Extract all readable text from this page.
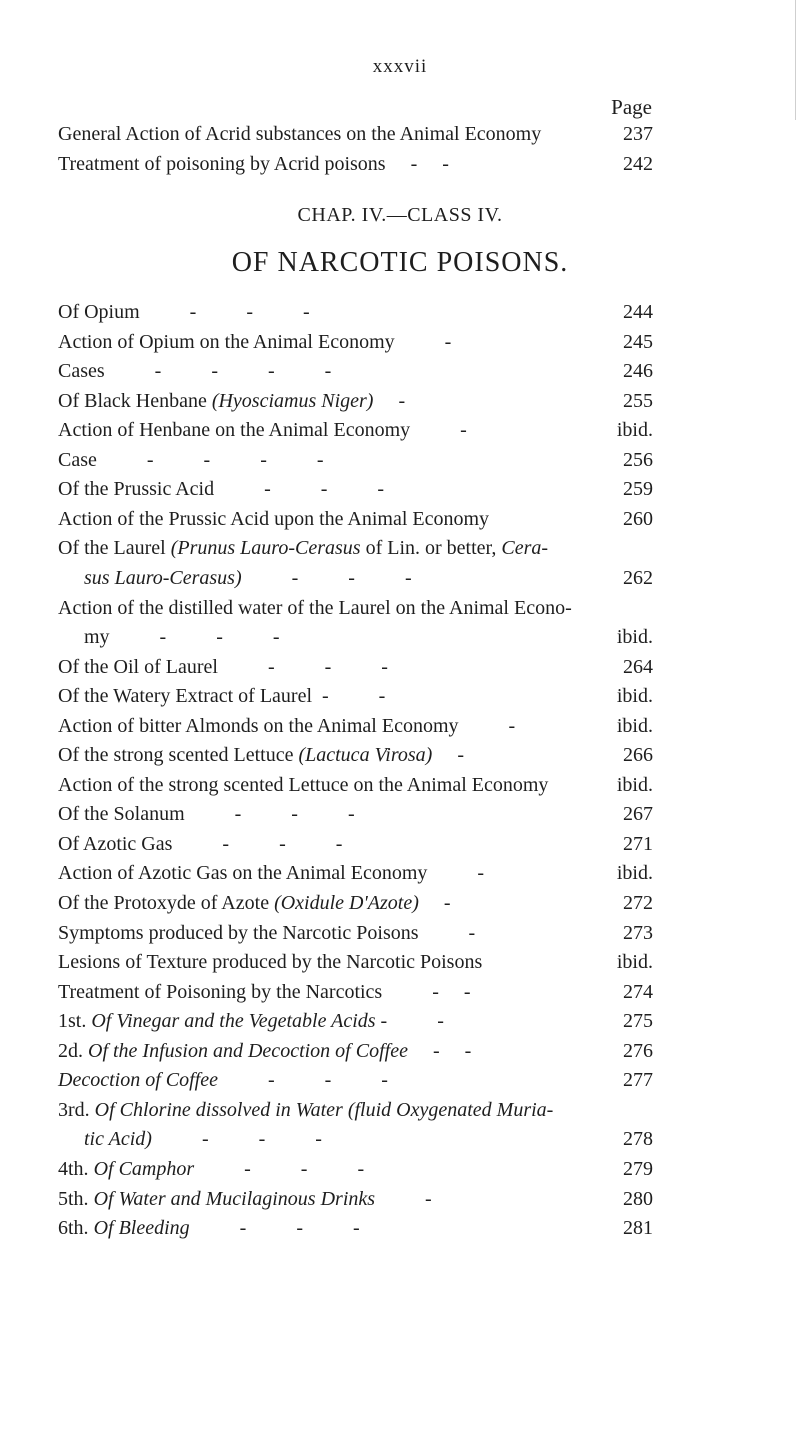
xxxvii
Page
General Action of Acrid substances on the Animal Economy	237
Treatment of poisoning by Acrid poisons     -     -	242
CHAP. IV.—CLASS IV.
OF NARCOTIC POISONS.
Of Opium          -          -          -	244
Action of Opium on the Animal Economy          -	245
Cases          -          -          -          -	246
Of Black Henbane (Hyosciamus Niger)     -	255
Action of Henbane on the Animal Economy          -	ibid.
Case          -          -          -          -	256
Of the Prussic Acid          -          -          -	259
Action of the Prussic Acid upon the Animal Economy	260
Of the Laurel (Prunus Lauro-Cerasus of Lin. or better, Cera-
sus Lauro-Cerasus)          -          -          -	262
Action of the distilled water of the Laurel on the Animal Econo-
my          -          -          -	ibid.
Of the Oil of Laurel          -          -          -	264
Of the Watery Extract of Laurel  -          -	ibid.
Action of bitter Almonds on the Animal Economy          -	ibid.
Of the strong scented Lettuce (Lactuca Virosa)     -	266
Action of the strong scented Lettuce on the Animal Economy	ibid.
Of the Solanum          -          -          -	267
Of Azotic Gas          -          -          -	271
Action of Azotic Gas on the Animal Economy          -	ibid.
Of the Protoxyde of Azote (Oxidule D'Azote)     -	272
Symptoms produced by the Narcotic Poisons          -	273
Lesions of Texture produced by the Narcotic Poisons	ibid.
Treatment of Poisoning by the Narcotics          -     -	274
1st. Of Vinegar and the Vegetable Acids -          -	275
2d. Of the Infusion and Decoction of Coffee     -     -	276
Decoction of Coffee          -          -          -	277
3rd. Of Chlorine dissolved in Water (fluid Oxygenated Muria-
tic Acid)          -          -          -	278
4th. Of Camphor          -          -          -	279
5th. Of Water and Mucilaginous Drinks          -	280
6th. Of Bleeding          -          -          -	281
